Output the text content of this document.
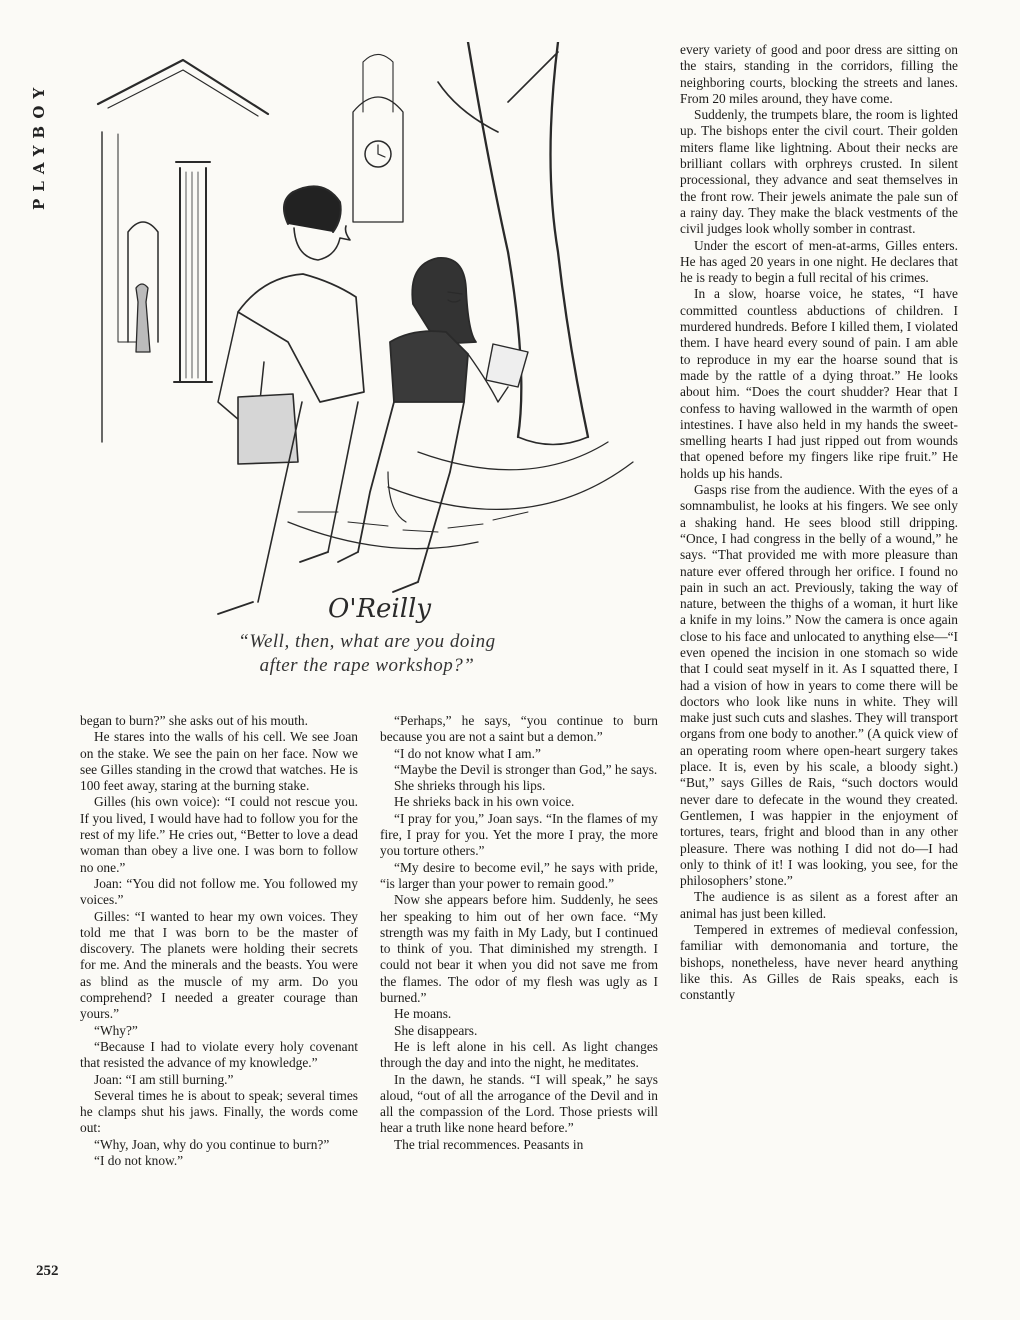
PLAYBOY
O'Reilly
“Well, then, what are you doing
after the rape workshop?”

began to burn?” she asks out of his mouth.

He stares into the walls of his cell. We see Joan on the stake. We see the pain on her face. Now we see Gilles standing in the crowd that watches. He is 100 feet away, staring at the burning stake.

Gilles (his own voice): “I could not rescue you. If you lived, I would have had to follow you for the rest of my life.” He cries out, “Better to love a dead woman than obey a live one. I was born to follow no one.”

Joan: “You did not follow me. You followed my voices.”

Gilles: “I wanted to hear my own voices. They told me that I was born to be the master of discovery. The planets were holding their secrets for me. And the minerals and the beasts. You were as blind as the muscle of my arm. Do you comprehend? I needed a greater courage than yours.”

“Why?”

“Because I had to violate every holy covenant that resisted the advance of my knowledge.”

Joan: “I am still burning.”

Several times he is about to speak; several times he clamps shut his jaws. Finally, the words come out:

“Why, Joan, why do you continue to burn?”

“I do not know.”

“Perhaps,” he says, “you continue to burn because you are not a saint but a demon.”

“I do not know what I am.”

“Maybe the Devil is stronger than God,” he says.

She shrieks through his lips.

He shrieks back in his own voice.

“I pray for you,” Joan says. “In the flames of my fire, I pray for you. Yet the more I pray, the more you torture others.”

“My desire to become evil,” he says with pride, “is larger than your power to remain good.”

Now she appears before him. Suddenly, he sees her speaking to him out of her own face. “My strength was my faith in My Lady, but I continued to think of you. That diminished my strength. I could not bear it when you did not save me from the flames. The odor of my flesh was ugly as I burned.”

He moans.

She disappears.

He is left alone in his cell. As light changes through the day and into the night, he meditates.

In the dawn, he stands. “I will speak,” he says aloud, “out of all the arrogance of the Devil and in all the compassion of the Lord. Those priests will hear a truth like none heard before.”

The trial recommences. Peasants in

every variety of good and poor dress are sitting on the stairs, standing in the corridors, filling the neighboring courts, blocking the streets and lanes. From 20 miles around, they have come.

Suddenly, the trumpets blare, the room is lighted up. The bishops enter the civil court. Their golden miters flame like lightning. About their necks are brilliant collars with orphreys crusted. In silent processional, they advance and seat themselves in the front row. Their jewels animate the pale sun of a rainy day. They make the black vestments of the civil judges look wholly somber in contrast.

Under the escort of men-at-arms, Gilles enters. He has aged 20 years in one night. He declares that he is ready to begin a full recital of his crimes.

In a slow, hoarse voice, he states, “I have committed countless abductions of children. I murdered hundreds. Before I killed them, I violated them. I have heard every sound of pain. I am able to reproduce in my ear the hoarse sound that is made by the rattle of a dying throat.” He looks about him. “Does the court shudder? Hear that I confess to having wallowed in the warmth of open intestines. I have also held in my hands the sweet-smelling hearts I had just ripped out from wounds that opened before my fingers like ripe fruit.” He holds up his hands.

Gasps rise from the audience. With the eyes of a somnambulist, he looks at his fingers. We see only a shaking hand. He sees blood still dripping. “Once, I had congress in the belly of a wound,” he says. “That provided me with more pleasure than nature ever offered through her orifice. I found no pain in such an act. Previously, taking the way of nature, between the thighs of a woman, it hurt like a knife in my loins.” Now the camera is once again close to his face and unlocated to anything else—“I even opened the incision in one stomach so wide that I could seat myself in it. As I squatted there, I had a vision of how in years to come there will be doctors who look like nuns in white. They will make just such cuts and slashes. They will transport organs from one body to another.” (A quick view of an operating room where open-heart surgery takes place. It is, even by his scale, a bloody sight.) “But,” says Gilles de Rais, “such doctors would never dare to defecate in the wound they created. Gentlemen, I was happier in the enjoyment of tortures, tears, fright and blood than in any other pleasure. There was nothing I did not do—I had only to think of it! I was looking, you see, for the philosophers’ stone.”

The audience is as silent as a forest after an animal has just been killed.

Tempered in extremes of medieval confession, familiar with demonomania and torture, the bishops, nonetheless, have never heard anything like this. As Gilles de Rais speaks, each is constantly

252
